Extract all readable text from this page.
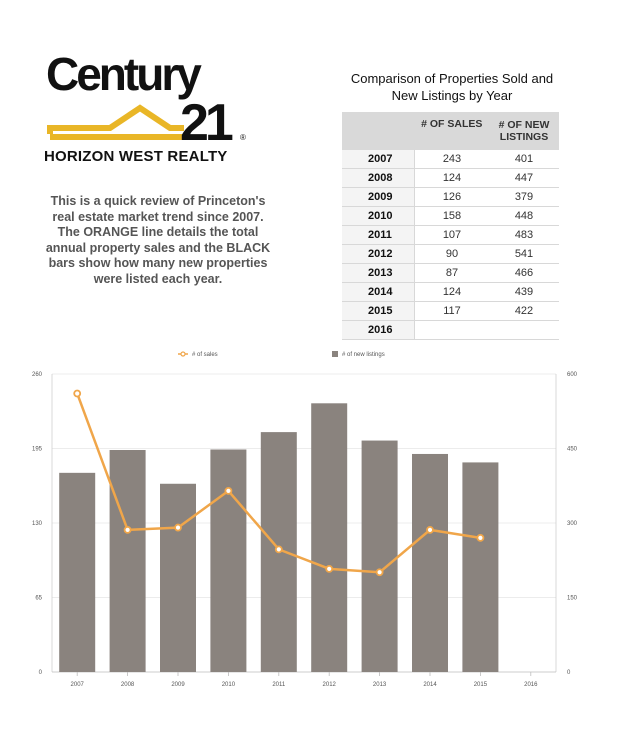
Century
21	®
HORIZON WEST REALTY
This is a quick review of Princeton's real estate market trend since 2007. The ORANGE line details the total annual property sales and the BLACK bars show how many new properties were listed each year.
Comparison of Properties Sold and
New Listings by Year
	# OF SALES	# OF NEW
LISTINGS

2007	243	401
2008	124	447
2009	126	379
2010	158	448
2011	107	483
2012	90	541
2013	87	466
2014	124	439
2015	117	422
2016		
# of sales	# of new listings
0
65
130
195
260
0
150
300
450
600
2007	2008	2009	2010	2011	2012	2013	2014	2015	2016
